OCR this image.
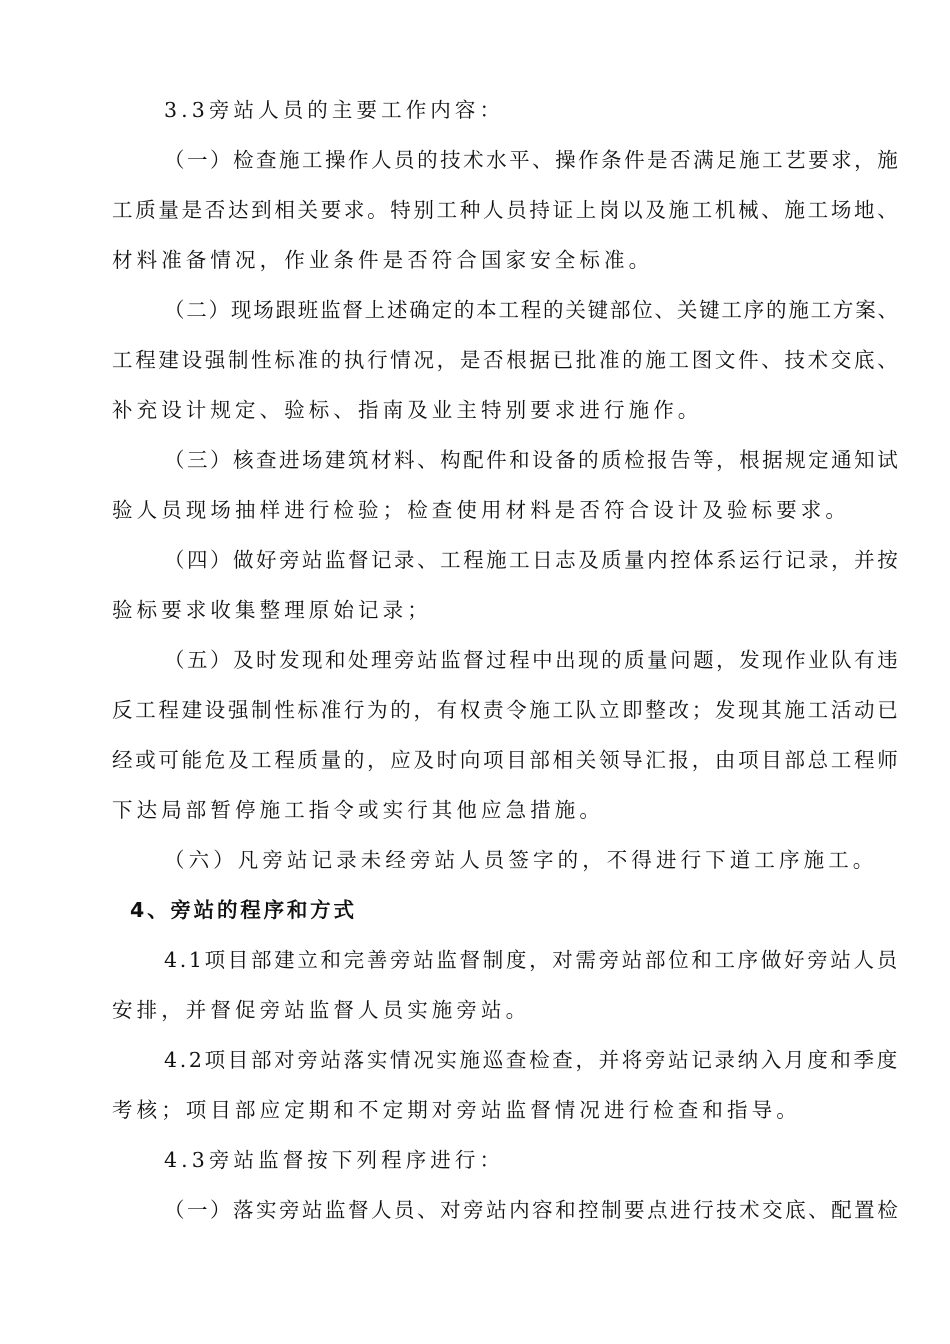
3.3旁站人员的主要工作内容：
（一）检查施工操作人员的技术水平、操作条件是否满足施工艺要求，施
工质量是否达到相关要求。特别工种人员持证上岗以及施工机械、施工场地、
材料准备情况，作业条件是否符合国家安全标准。
（二）现场跟班监督上述确定的本工程的关键部位、关键工序的施工方案、
工程建设强制性标准的执行情况，是否根据已批准的施工图文件、技术交底、
补充设计规定、验标、指南及业主特别要求进行施作。
（三）核查进场建筑材料、构配件和设备的质检报告等，根据规定通知试
验人员现场抽样进行检验；检查使用材料是否符合设计及验标要求。
（四）做好旁站监督记录、工程施工日志及质量内控体系运行记录，并按
验标要求收集整理原始记录；
（五）及时发现和处理旁站监督过程中出现的质量问题，发现作业队有违
反工程建设强制性标准行为的，有权责令施工队立即整改；发现其施工活动已
经或可能危及工程质量的，应及时向项目部相关领导汇报，由项目部总工程师
下达局部暂停施工指令或实行其他应急措施。
（六）凡旁站记录未经旁站人员签字的，不得进行下道工序施工。
4、旁站的程序和方式
4.1项目部建立和完善旁站监督制度，对需旁站部位和工序做好旁站人员
安排，并督促旁站监督人员实施旁站。
4.2项目部对旁站落实情况实施巡查检查，并将旁站记录纳入月度和季度
考核；项目部应定期和不定期对旁站监督情况进行检查和指导。
4.3旁站监督按下列程序进行：
（一）落实旁站监督人员、对旁站内容和控制要点进行技术交底、配置检
